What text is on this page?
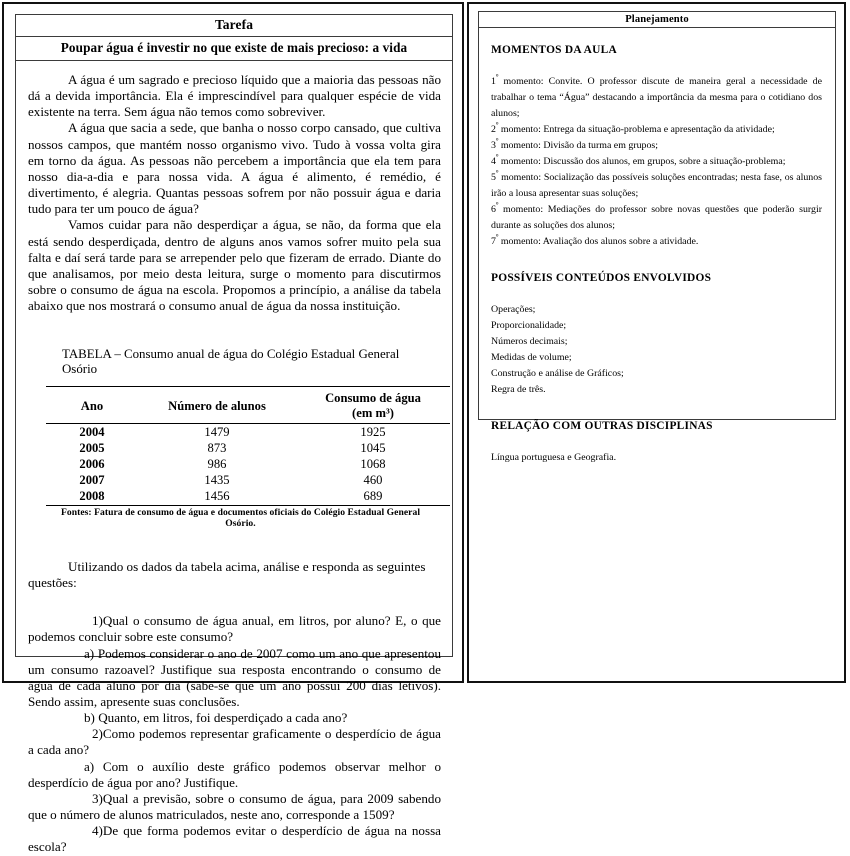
Tarefa
Poupar água é investir no que existe de mais precioso: a vida

A água é um sagrado e precioso líquido que a maioria das pessoas não dá a devida importância. Ela é imprescindível para qualquer espécie de vida existente na terra. Sem água não temos como sobreviver.

A água que sacia a sede, que banha o nosso corpo cansado, que cultiva nossos campos, que mantém nosso organismo vivo. Tudo à vossa volta gira em torno da água. As pessoas não percebem a importância que ela tem para nosso dia-a-dia e para nossa vida. A água é alimento, é remédio, é divertimento, é alegria. Quantas pessoas sofrem por não possuir água e daria tudo para ter um pouco de água?

Vamos cuidar para não desperdiçar a água, se não, da forma que ela está sendo desperdiçada, dentro de alguns anos vamos sofrer muito pela sua falta e daí será tarde para se arrepender pelo que fizeram de errado. Diante do que analisamos, por meio desta leitura, surge o momento para discutirmos sobre o consumo de água na escola. Propomos a princípio, a análise da tabela abaixo que nos mostrará o consumo anual de água da nossa instituição.

TABELA – Consumo anual de água do Colégio Estadual General Osório
Ano	Número de alunos	Consumo de água
(em m³)
2004	1479	1925
2005	873	1045
2006	986	1068
2007	1435	460
2008	1456	689
Fontes: Fatura de consumo de água e documentos oficiais do Colégio Estadual General Osório.

Utilizando os dados da tabela acima, análise e responda as seguintes questões:

1)Qual o consumo de água anual, em litros, por aluno? E, o que podemos concluir sobre este consumo?

a) Podemos considerar o ano de 2007 como um ano que apresentou um consumo razoavel? Justifique sua resposta encontrando o consumo de água de cada aluno por dia (sabe-se que um ano possui 200 dias letivos). Sendo assim, apresente suas conclusões.

b) Quanto, em litros, foi desperdiçado a cada ano?

2)Como podemos representar graficamente o desperdício de água a cada ano?

a) Com o auxílio deste gráfico podemos observar melhor o desperdício de água por ano? Justifique.

3)Qual a previsão, sobre o consumo de água, para 2009 sabendo que o número de alunos matriculados, neste ano, corresponde a 1509?

4)De que forma podemos evitar o desperdício de água na nossa escola?

Planejamento
MOMENTOS DA AULA

$1^º$ momento: Convite. O professor discute de maneira geral a necessidade de trabalhar o tema “Água” destacando a importância da mesma para o cotidiano dos alunos;

$2^º$ momento: Entrega da situação-problema e apresentação da atividade;

$3^º$ momento: Divisão da turma em grupos;

$4^º$ momento: Discussão dos alunos, em grupos, sobre a situação-problema;

$5^º$ momento: Socialização das possíveis soluções encontradas; nesta fase, os alunos irão a lousa apresentar suas soluções;

$6^º$ momento: Mediações do professor sobre novas questões que poderão surgir durante as soluções dos alunos;

$7^º$ momento: Avaliação dos alunos sobre a atividade.

POSSÍVEIS CONTEÚDOS ENVOLVIDOS

Operações;

Proporcionalidade;

Números decimais;

Medidas de volume;

Construção e análise de Gráficos;

Regra de três.

RELAÇÃO COM OUTRAS DISCIPLINAS

Língua portuguesa e Geografia.
